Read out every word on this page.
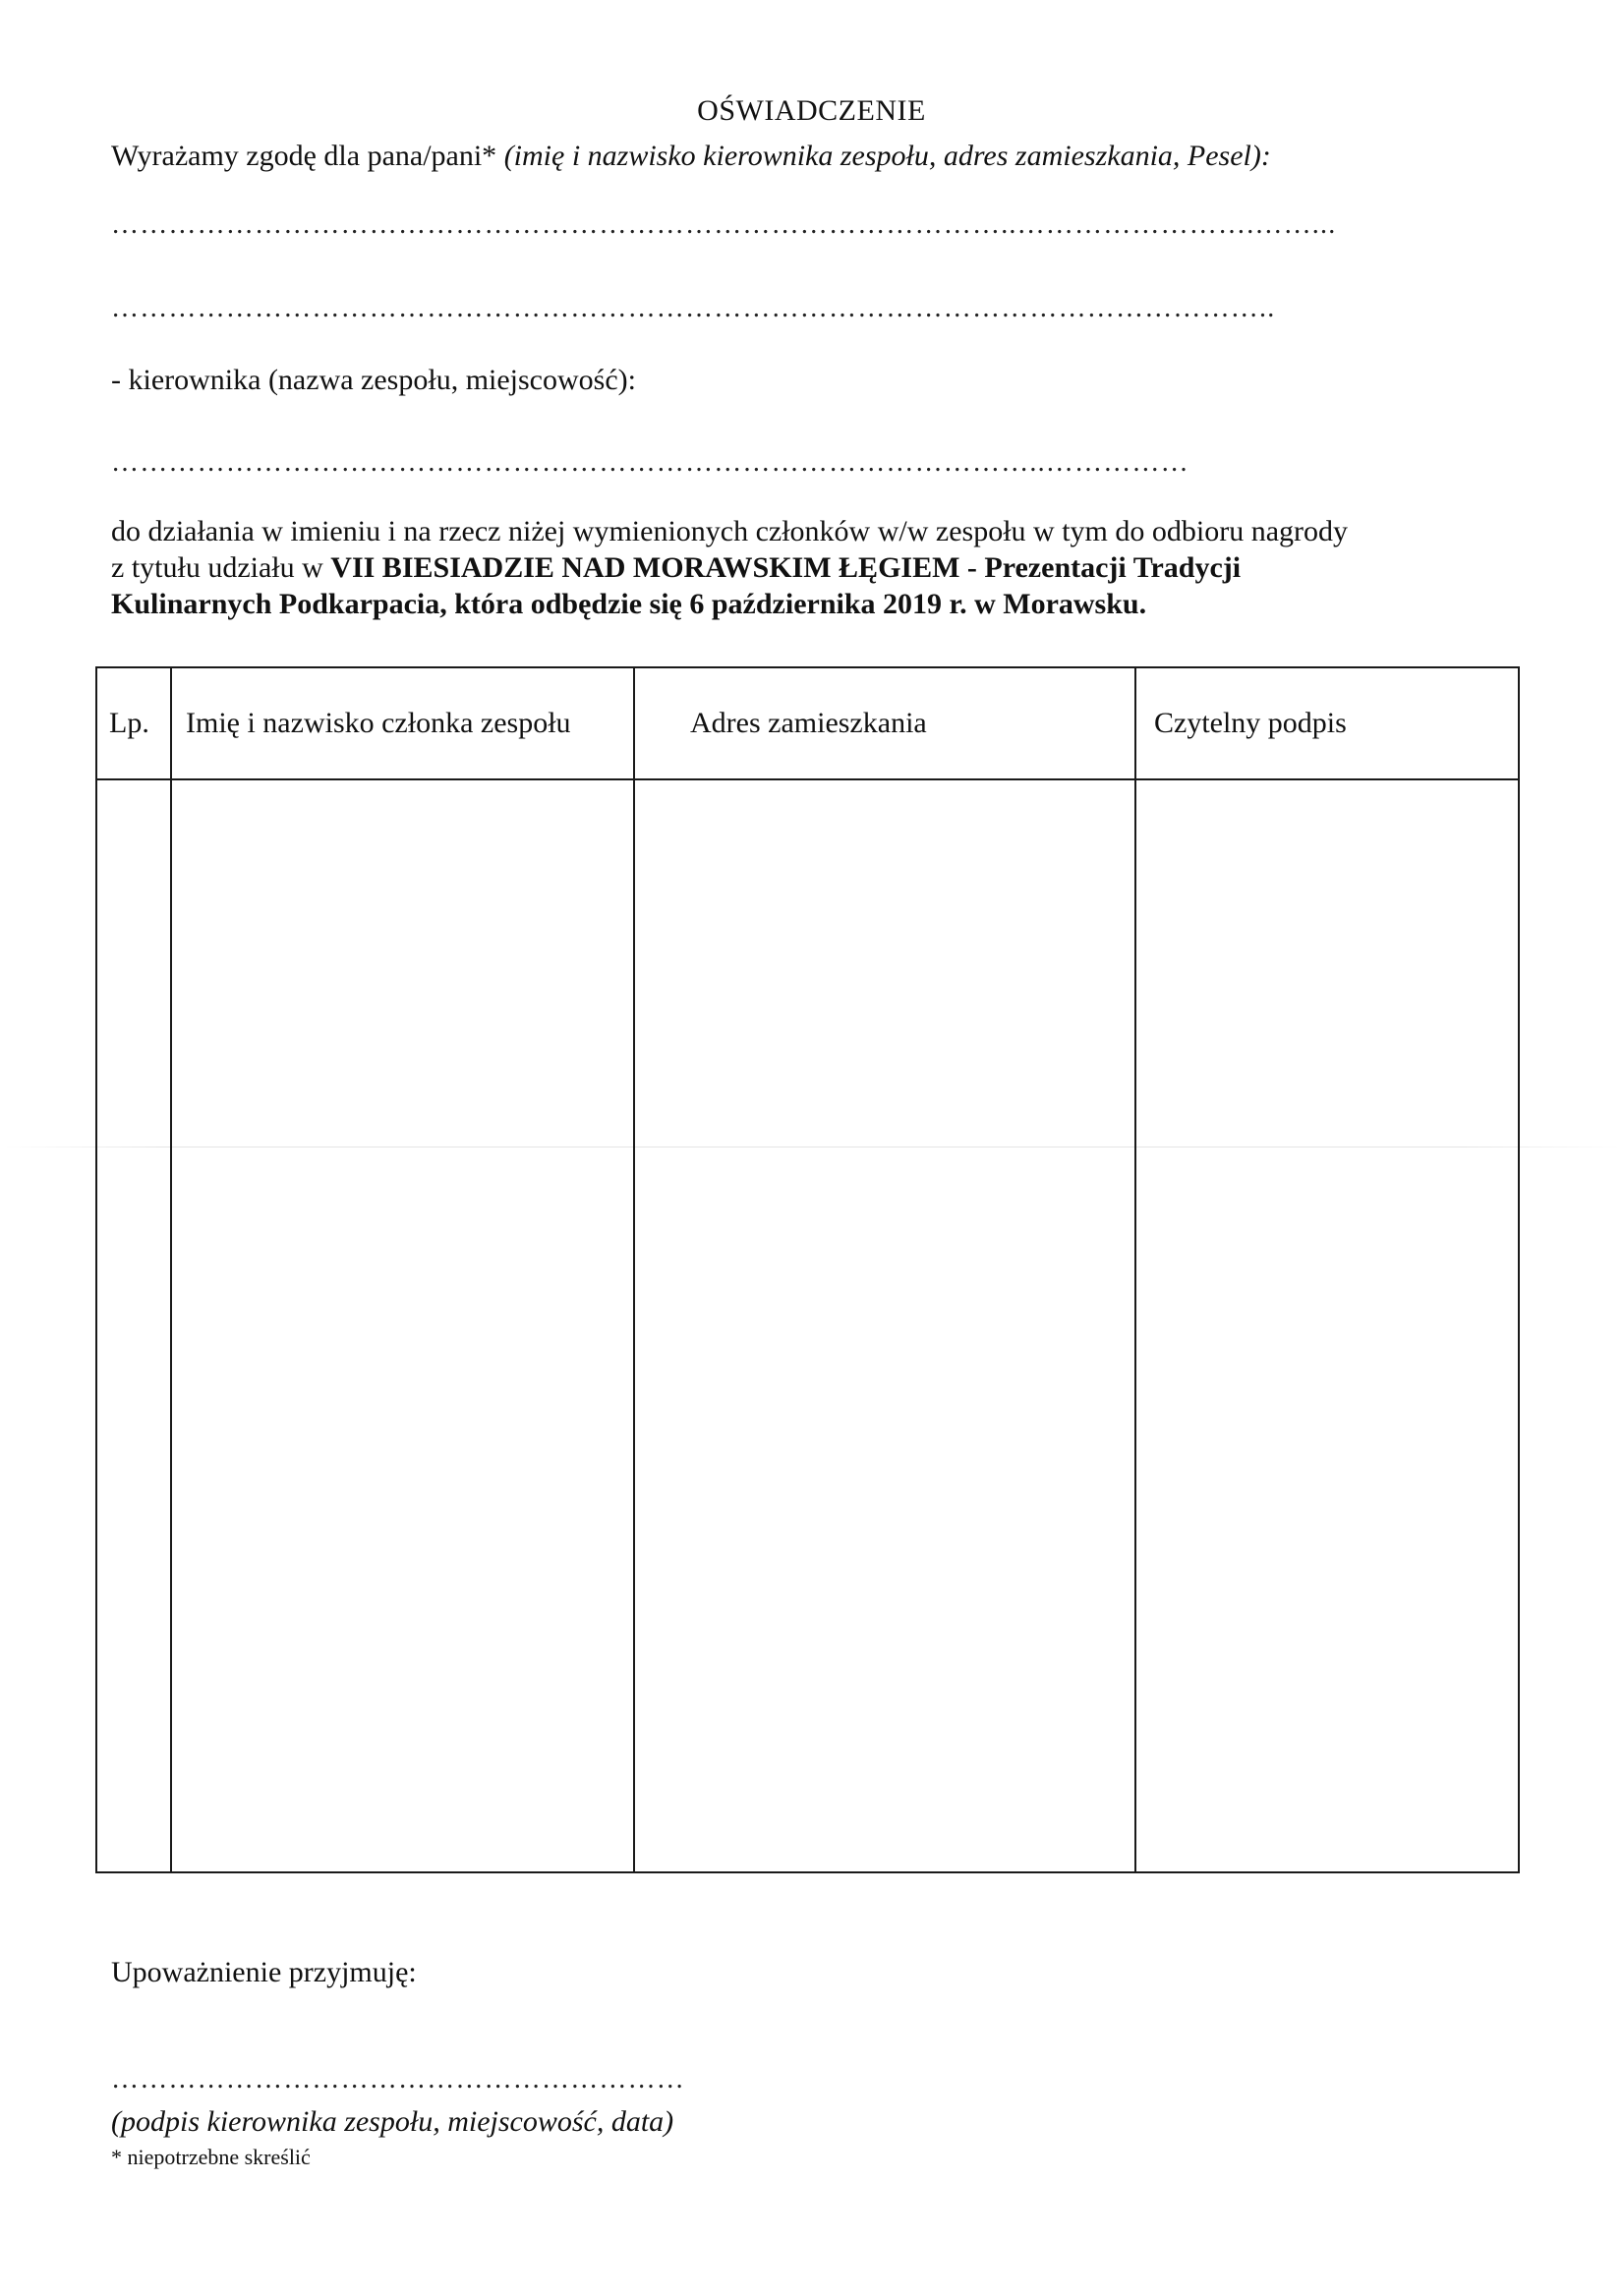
OŚWIADCZENIE
Wyrażamy zgodę dla pana/pani* (imię i nazwisko kierownika zespołu, adres zamieszkania, Pesel):
…………………………………………………………………………………..…………………….……...
…………………………………………………………………………………………………………..
- kierownika (nazwa zespołu, miejscowość):
……………………………………………………………………………………..……………
do działania w imieniu i na rzecz niżej wymienionych członków w/w zespołu w tym do odbioru nagrody
z tytułu udziału w VII BIESIADZIE NAD MORAWSKIM ŁĘGIEM - Prezentacji Tradycji
Kulinarnych Podkarpacia, która odbędzie się 6 października 2019 r. w Morawsku.
Lp.	Imię i nazwisko członka zespołu	Adres zamieszkania	Czytelny podpis

Upoważnienie przyjmuję:
……………………………………………………
(podpis kierownika zespołu, miejscowość, data)
* niepotrzebne skreślić
